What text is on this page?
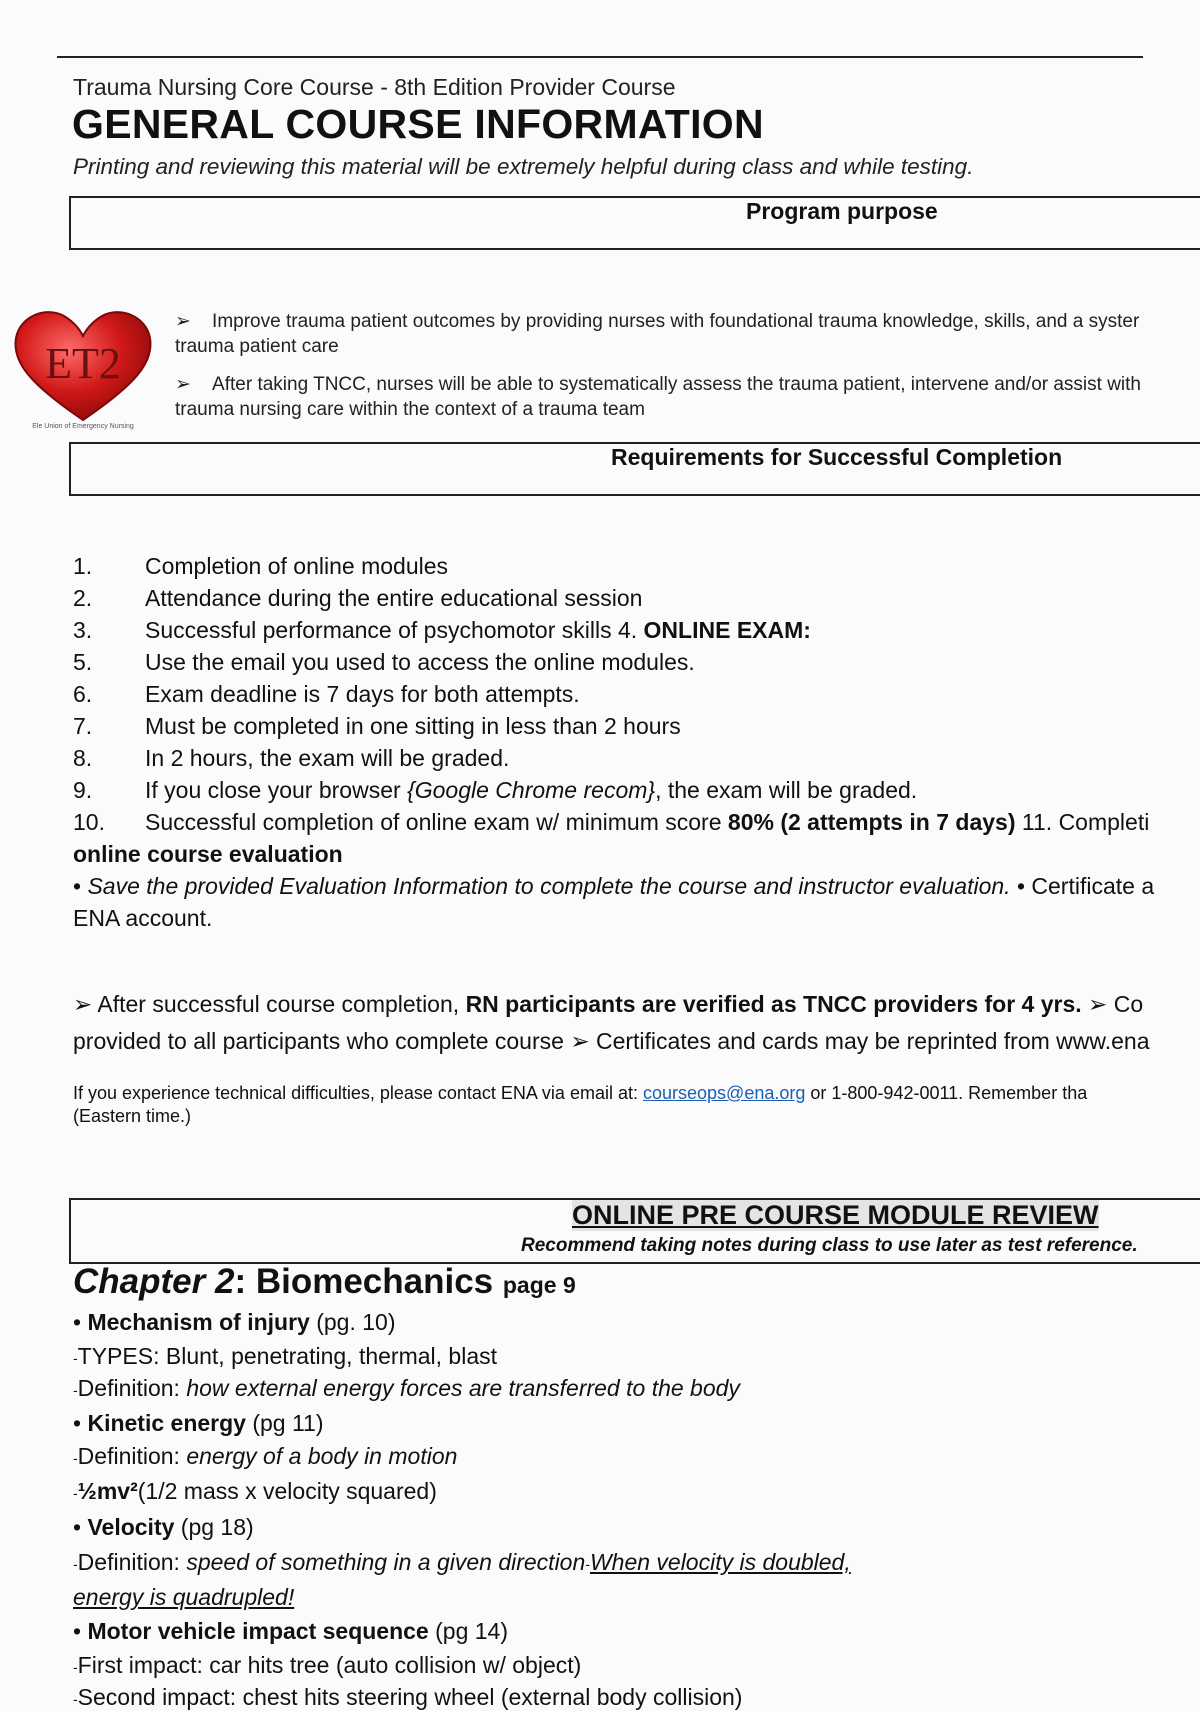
Trauma Nursing Core Course - 8th Edition Provider Course
GENERAL COURSE INFORMATION
Printing and reviewing this material will be extremely helpful during class and while testing.
Program purpose
ET2
Ele Union of Emergency Nursing
➢ Improve trauma patient outcomes by providing nurses with foundational trauma knowledge, skills, and a syster
trauma patient care
➢ After taking TNCC, nurses will be able to systematically assess the trauma patient, intervene and/or assist with
trauma nursing care within the context of a trauma team
Requirements for Successful Completion
1. Completion of online modules
2. Attendance during the entire educational session
3. Successful performance of psychomotor skills 4. ONLINE EXAM:
5. Use the email you used to access the online modules.
6. Exam deadline is 7 days for both attempts.
7. Must be completed in one sitting in less than 2 hours
8. In 2 hours, the exam will be graded.
9. If you close your browser {Google Chrome recom}, the exam will be graded.
10. Successful completion of online exam w/ minimum score 80% (2 attempts in 7 days) 11. Completi
online course evaluation
• Save the provided Evaluation Information to complete the course and instructor evaluation. • Certificate a
ENA account.
➢ After successful course completion, RN participants are verified as TNCC providers for 4 yrs. ➢ Co
provided to all participants who complete course ➢ Certificates and cards may be reprinted from www.ena
If you experience technical difficulties, please contact ENA via email at: courseops@ena.org or 1-800-942-0011. Remember tha
(Eastern time.)
ONLINE PRE COURSE MODULE REVIEW
Recommend taking notes during class to use later as test reference.
Chapter 2: Biomechanics page 9
• Mechanism of injury (pg. 10)
-TYPES: Blunt, penetrating, thermal, blast
-Definition: how external energy forces are transferred to the body
• Kinetic energy (pg 11)
-Definition: energy of a body in motion
-½mv²(1/2 mass x velocity squared)
• Velocity (pg 18)
-Definition: speed of something in a given direction-When velocity is doubled,
energy is quadrupled!
• Motor vehicle impact sequence (pg 14)
-First impact: car hits tree (auto collision w/ object)
-Second impact: chest hits steering wheel (external body collision)
